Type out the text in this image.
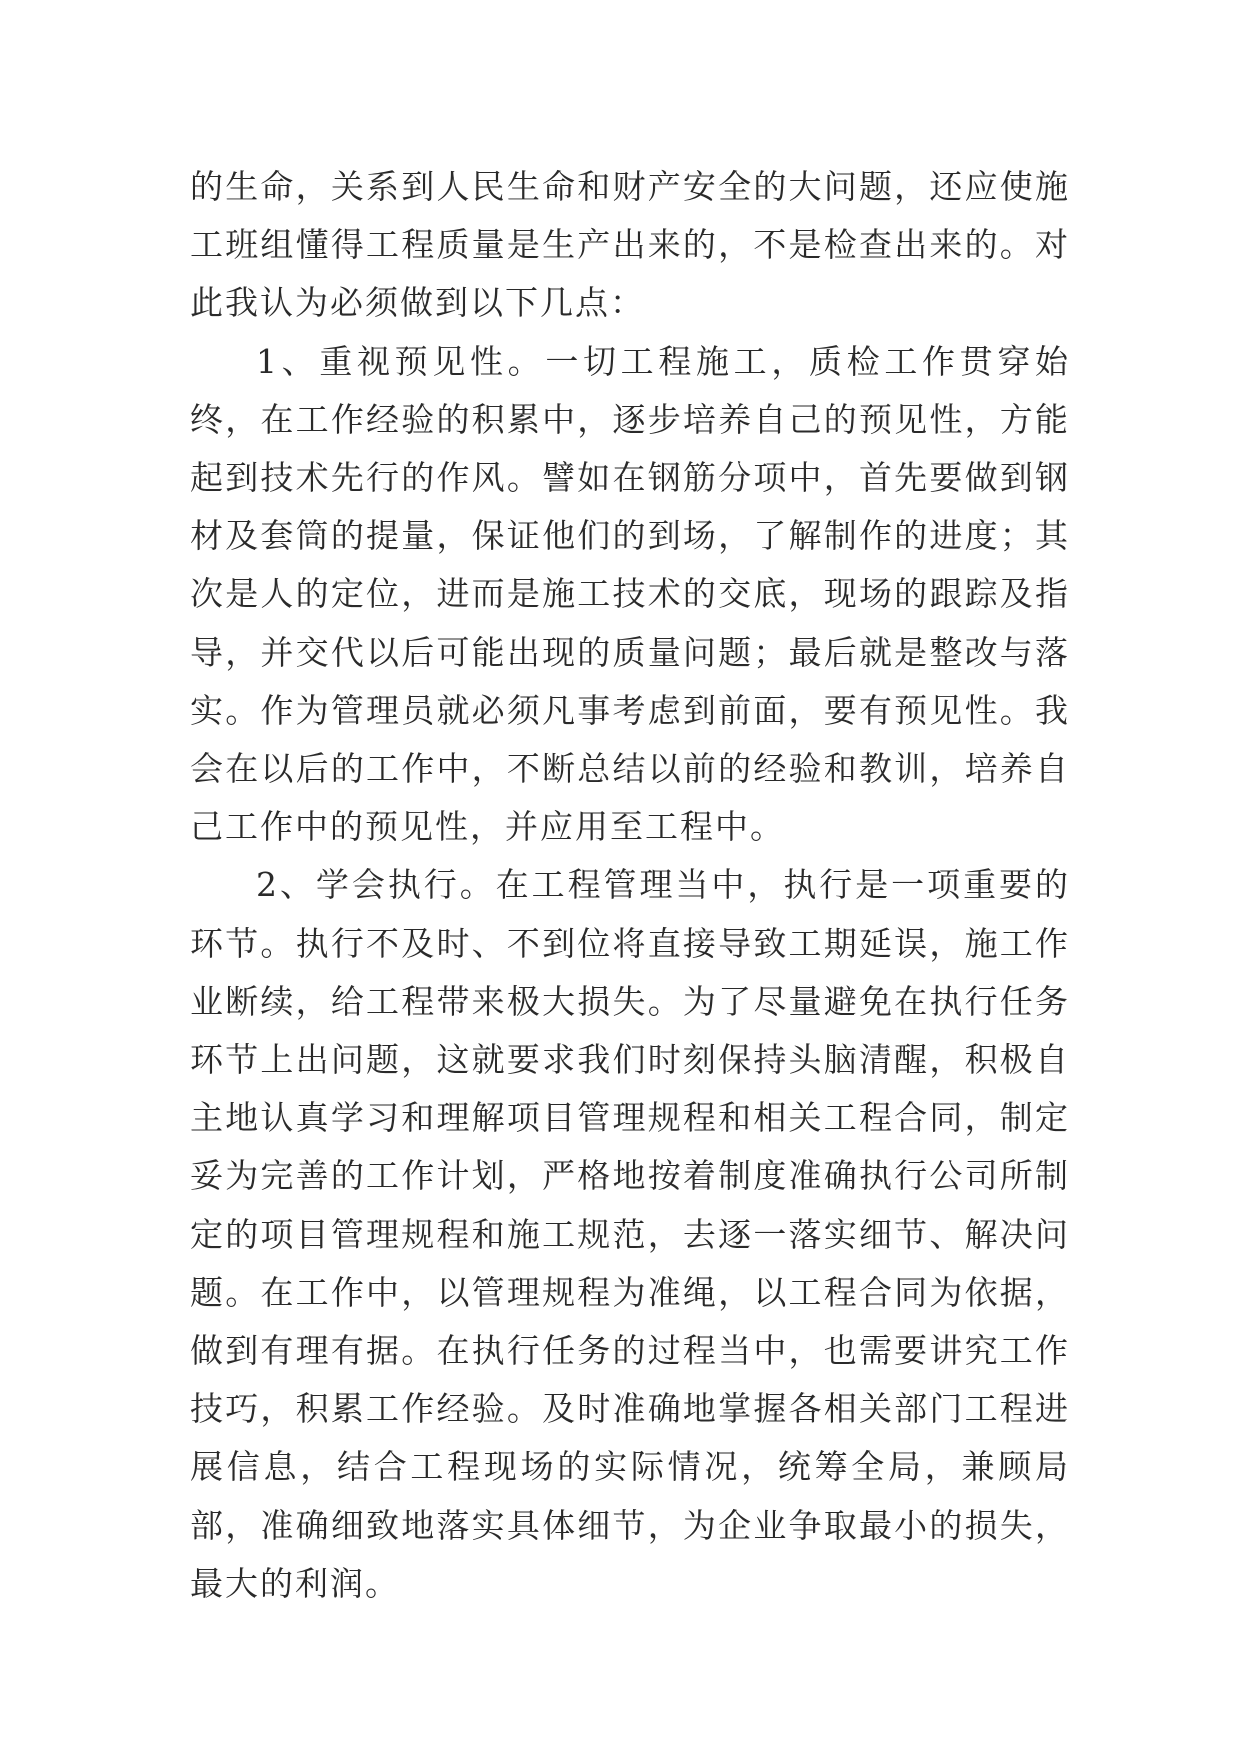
的生命，关系到人民生命和财产安全的大问题，还应使施工班组懂得工程质量是生产出来的，不是检查出来的。对此我认为必须做到以下几点：

1、重视预见性。一切工程施工，质检工作贯穿始终，在工作经验的积累中，逐步培养自己的预见性，方能起到技术先行的作风。譬如在钢筋分项中，首先要做到钢材及套筒的提量，保证他们的到场，了解制作的进度；其次是人的定位，进而是施工技术的交底，现场的跟踪及指导，并交代以后可能出现的质量问题；最后就是整改与落实。作为管理员就必须凡事考虑到前面，要有预见性。我会在以后的工作中，不断总结以前的经验和教训，培养自己工作中的预见性，并应用至工程中。

2、学会执行。在工程管理当中，执行是一项重要的环节。执行不及时、不到位将直接导致工期延误，施工作业断续，给工程带来极大损失。为了尽量避免在执行任务环节上出问题，这就要求我们时刻保持头脑清醒，积极自主地认真学习和理解项目管理规程和相关工程合同，制定妥为完善的工作计划，严格地按着制度准确执行公司所制定的项目管理规程和施工规范，去逐一落实细节、解决问题。在工作中，以管理规程为准绳，以工程合同为依据，做到有理有据。在执行任务的过程当中，也需要讲究工作技巧，积累工作经验。及时准确地掌握各相关部门工程进展信息，结合工程现场的实际情况，统筹全局，兼顾局部，准确细致地落实具体细节，为企业争取最小的损失，最大的利润。
